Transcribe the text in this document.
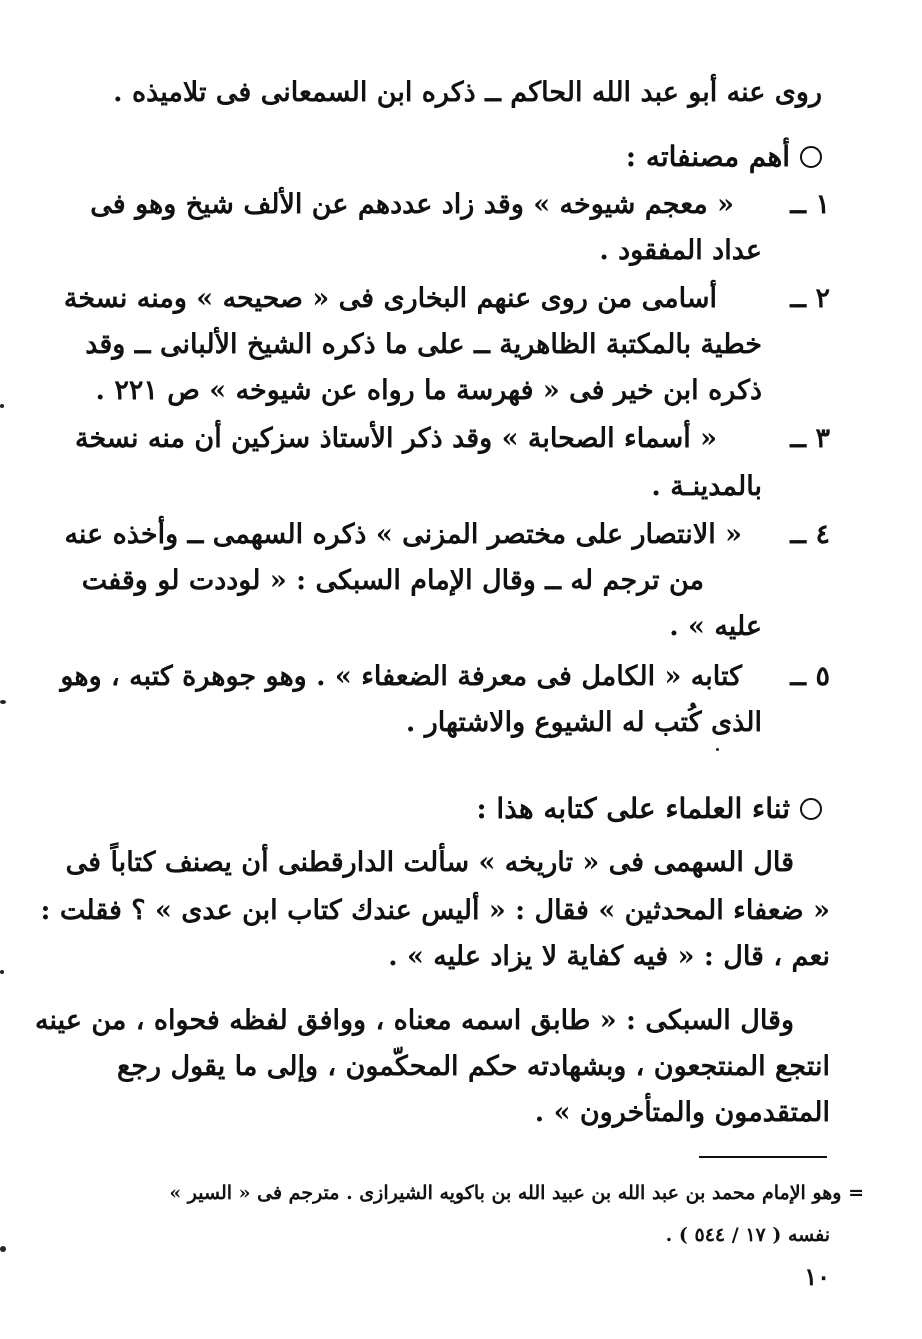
روى عنه أبو عبد الله الحاكم ــ ذكره ابن السمعانى فى تلاميذه .
أهم مصنفاته :
١ ــ
« معجم شيوخه » وقد زاد عددهم عن الألف شيخ وهو فى
عداد المفقود .
٢ ــ
أسامى من روى عنهم البخارى فى « صحيحه » ومنه نسخة
خطية بالمكتبة الظاهرية ــ على ما ذكره الشيخ الألبانى ــ وقد
ذكره ابن خير فى « فهرسة ما رواه عن شيوخه » ص ٢٢١ .
٣ ــ
« أسماء الصحابة » وقد ذكر الأستاذ سزكين أن منه نسخة
بالمدينـة .
٤ ــ
« الانتصار على مختصر المزنى » ذكره السهمى ــ وأخذه عنه
من ترجم له ــ وقال الإمام السبكى : « لوددت لو وقفت
عليه » .
٥ ــ
كتابه « الكامل فى معرفة الضعفاء » . وهو جوهرة كتبه ، وهو
الذى كُتب له الشيوع والاشتهار .
ثناء العلماء على كتابه هذا :
قال السهمى فى « تاريخه » سألت الدارقطنى أن يصنف كتاباً فى
« ضعفاء المحدثين » فقال : « أليس عندك كتاب ابن عدى » ؟ فقلت :
نعم ، قال : « فيه كفاية لا يزاد عليه » .
وقال السبكى : « طابق اسمه معناه ، ووافق لفظه فحواه ، من عينه
انتجع المنتجعون ، وبشهادته حكم المحكّمون ، وإلى ما يقول رجع
المتقدمون والمتأخرون » .
= وهو الإمام محمد بن عبد الله بن عبيد الله بن باكويه الشيرازى . مترجم فى « السير »
نفسه ( ١٧ / ٥٤٤ ) .
١٠
